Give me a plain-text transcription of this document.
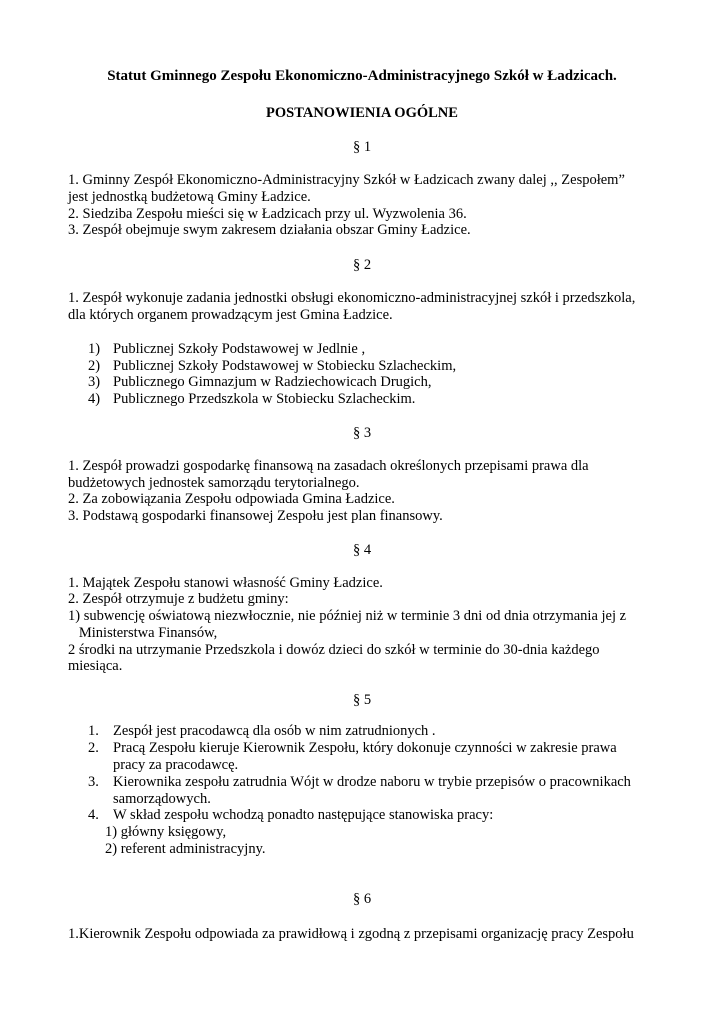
Statut Gminnego Zespołu Ekonomiczno-Administracyjnego Szkół w Ładzicach.
POSTANOWIENIA OGÓLNE
§ 1
1. Gminny Zespół Ekonomiczno-Administracyjny Szkół w Ładzicach zwany dalej ,, Zespołem”
jest jednostką budżetową Gminy Ładzice.
2. Siedziba Zespołu mieści się w Ładzicach przy ul. Wyzwolenia 36.
3. Zespół obejmuje swym zakresem działania obszar Gminy Ładzice.
§ 2
1. Zespół wykonuje zadania jednostki obsługi ekonomiczno-administracyjnej szkół i przedszkola,
dla których organem prowadzącym jest Gmina Ładzice.
1) Publicznej Szkoły Podstawowej w Jedlnie ,
2) Publicznej Szkoły Podstawowej w Stobiecku Szlacheckim,
3) Publicznego Gimnazjum w Radziechowicach Drugich,
4) Publicznego Przedszkola w Stobiecku Szlacheckim.
§ 3
1. Zespół prowadzi gospodarkę finansową na zasadach określonych przepisami prawa dla
budżetowych jednostek samorządu terytorialnego.
2. Za zobowiązania Zespołu odpowiada Gmina Ładzice.
3. Podstawą gospodarki finansowej Zespołu jest plan finansowy.
§ 4
1. Majątek Zespołu stanowi własność Gminy Ładzice.
2. Zespół otrzymuje z budżetu gminy:
1) subwencję oświatową niezwłocznie, nie później niż w terminie 3 dni od dnia otrzymania jej z
Ministerstwa Finansów,
2 środki na utrzymanie Przedszkola i dowóz dzieci do szkół w terminie do 30-dnia każdego
miesiąca.
§ 5
1. Zespół jest pracodawcą dla osób w nim zatrudnionych .
2. Pracą Zespołu kieruje Kierownik Zespołu, który dokonuje czynności w zakresie prawa
pracy za pracodawcę.
3. Kierownika zespołu zatrudnia Wójt w drodze naboru w trybie przepisów o pracownikach
samorządowych.
4. W skład zespołu wchodzą ponadto następujące stanowiska pracy:
1) główny księgowy,
2) referent administracyjny.
§ 6
1.Kierownik Zespołu odpowiada za prawidłową i zgodną z przepisami organizację pracy Zespołu
